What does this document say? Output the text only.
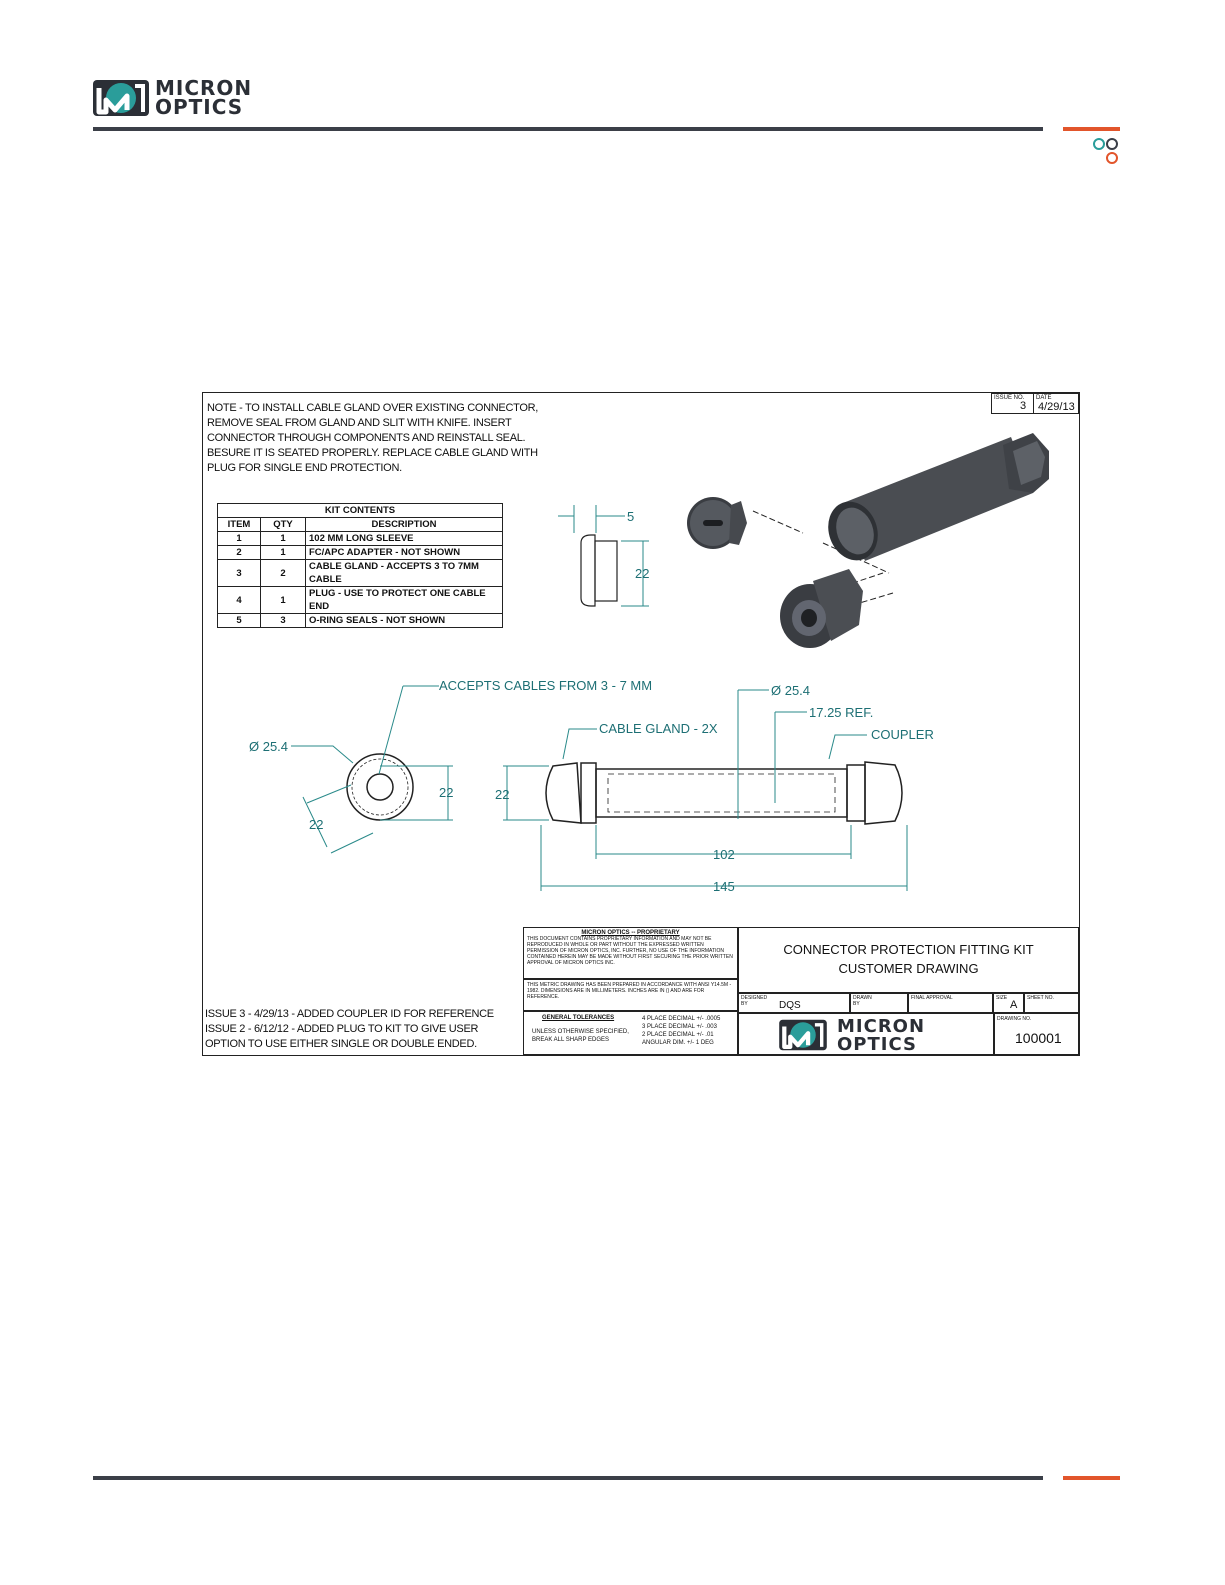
MICRON
OPTICS
NOTE - TO INSTALL CABLE GLAND OVER EXISTING CONNECTOR,
REMOVE SEAL FROM GLAND AND SLIT WITH KNIFE. INSERT
CONNECTOR THROUGH COMPONENTS AND REINSTALL SEAL.
BESURE IT IS SEATED PROPERLY. REPLACE CABLE GLAND WITH
PLUG FOR SINGLE END PROTECTION.
ISSUE NO.
3
DATE
4/29/13
KIT CONTENTS		
ITEM	QTY	DESCRIPTION
1	1	102 MM LONG SLEEVE
2	1	FC/APC ADAPTER - NOT SHOWN
3	2	CABLE GLAND - ACCEPTS 3 TO 7MM CABLE
4	1	PLUG - USE TO PROTECT ONE CABLE END
5	3	O-RING SEALS - NOT SHOWN
5
22
ACCEPTS CABLES FROM 3 - 7 MM
Ø 25.4
22
22
22
CABLE GLAND - 2X
Ø 25.4
17.25 REF.
COUPLER
102
145
ISSUE 3 - 4/29/13 - ADDED COUPLER ID FOR REFERENCE
ISSUE 2 - 6/12/12 - ADDED PLUG TO KIT TO GIVE USER
OPTION TO USE EITHER SINGLE OR DOUBLE ENDED.
MICRON OPTICS -- PROPRIETARY
THIS DOCUMENT CONTAINS PROPRIETARY INFORMATION AND MAY NOT BE REPRODUCED IN WHOLE OR PART WITHOUT THE EXPRESSED WRITTEN PERMISSION OF MICRON OPTICS, INC. FURTHER, NO USE OF THE INFORMATION CONTAINED HEREIN MAY BE MADE WITHOUT FIRST SECURING THE PRIOR WRITTEN APPROVAL OF MICRON OPTICS INC.
THIS METRIC DRAWING HAS BEEN PREPARED IN ACCORDANCE WITH ANSI Y14.5M - 1982. DIMENSIONS ARE IN MILLIMETERS. INCHES ARE IN () AND ARE FOR REFERENCE.
GENERAL TOLERANCES
UNLESS OTHERWISE SPECIFIED,
BREAK ALL SHARP EDGES
4 PLACE DECIMAL +/- .0005
3 PLACE DECIMAL +/- .003
2 PLACE DECIMAL +/- .01
ANGULAR DIM. +/- 1 DEG
CONNECTOR PROTECTION FITTING KIT
CUSTOMER DRAWING
DESIGNED BY	DQS
DRAWN BY
FINAL APPROVAL	SIZE
A
SHEET NO.
MICRON
OPTICS
DRAWING NO.
100001
